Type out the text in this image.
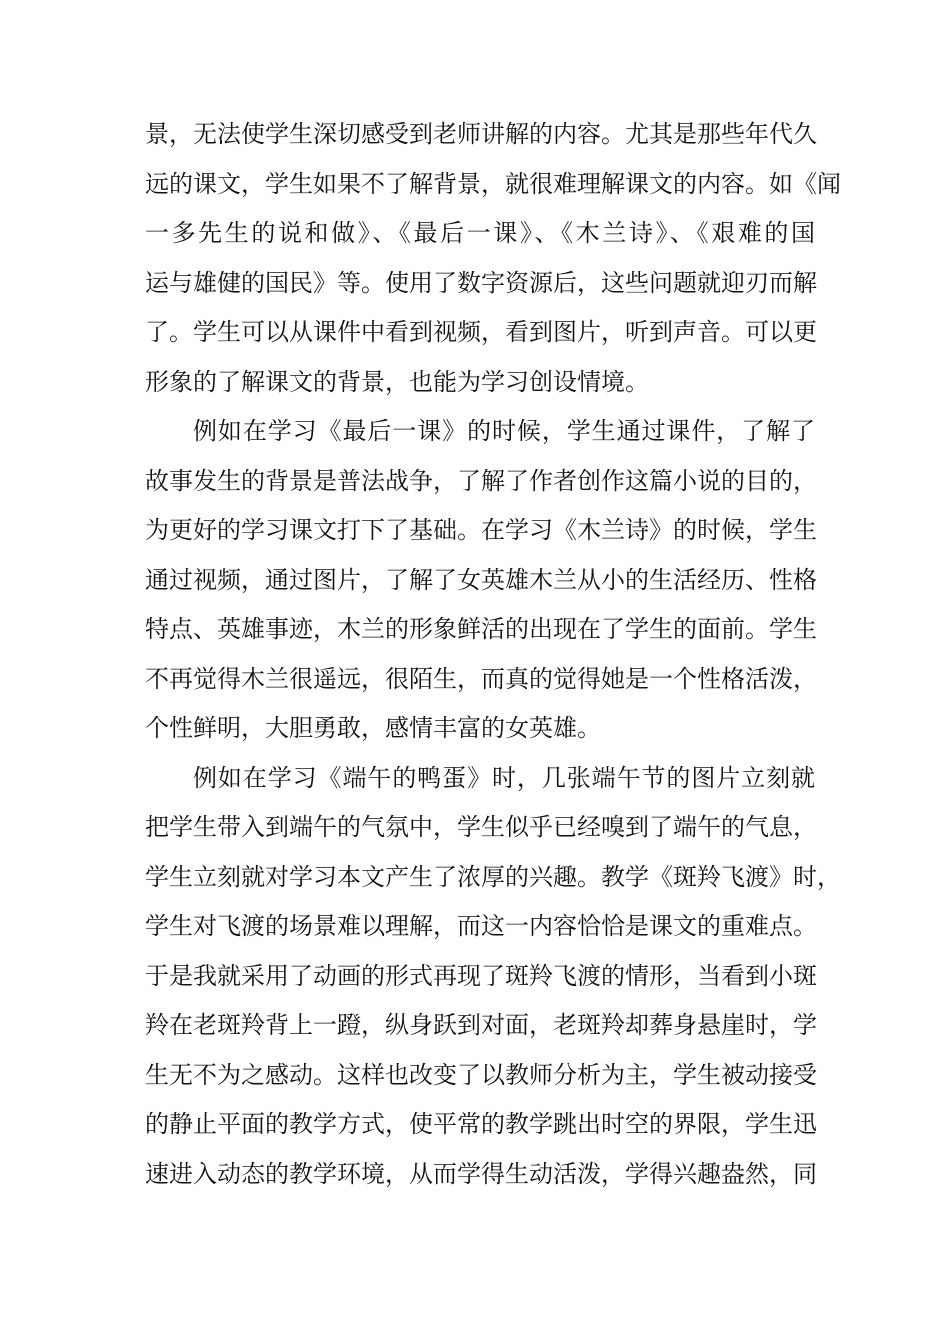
景，无法使学生深切感受到老师讲解的内容。尤其是那些年代久
远的课文，学生如果不了解背景，就很难理解课文的内容。如《闻
一多先生的说和做》、《最后一课》、《木兰诗》、《艰难的国
运与雄健的国民》等。使用了数字资源后，这些问题就迎刃而解
了。学生可以从课件中看到视频，看到图片，听到声音。可以更
形象的了解课文的背景，也能为学习创设情境。
例如在学习《最后一课》的时候，学生通过课件，了解了
故事发生的背景是普法战争，了解了作者创作这篇小说的目的，
为更好的学习课文打下了基础。在学习《木兰诗》的时候，学生
通过视频，通过图片，了解了女英雄木兰从小的生活经历、性格
特点、英雄事迹，木兰的形象鲜活的出现在了学生的面前。学生
不再觉得木兰很遥远，很陌生，而真的觉得她是一个性格活泼，
个性鲜明，大胆勇敢，感情丰富的女英雄。
例如在学习《端午的鸭蛋》时，几张端午节的图片立刻就
把学生带入到端午的气氛中，学生似乎已经嗅到了端午的气息，
学生立刻就对学习本文产生了浓厚的兴趣。教学《斑羚飞渡》时，
学生对飞渡的场景难以理解，而这一内容恰恰是课文的重难点。
于是我就采用了动画的形式再现了斑羚飞渡的情形，当看到小斑
羚在老斑羚背上一蹬，纵身跃到对面，老斑羚却葬身悬崖时，学
生无不为之感动。这样也改变了以教师分析为主，学生被动接受
的静止平面的教学方式，使平常的教学跳出时空的界限，学生迅
速进入动态的教学环境，从而学得生动活泼，学得兴趣盎然，同
